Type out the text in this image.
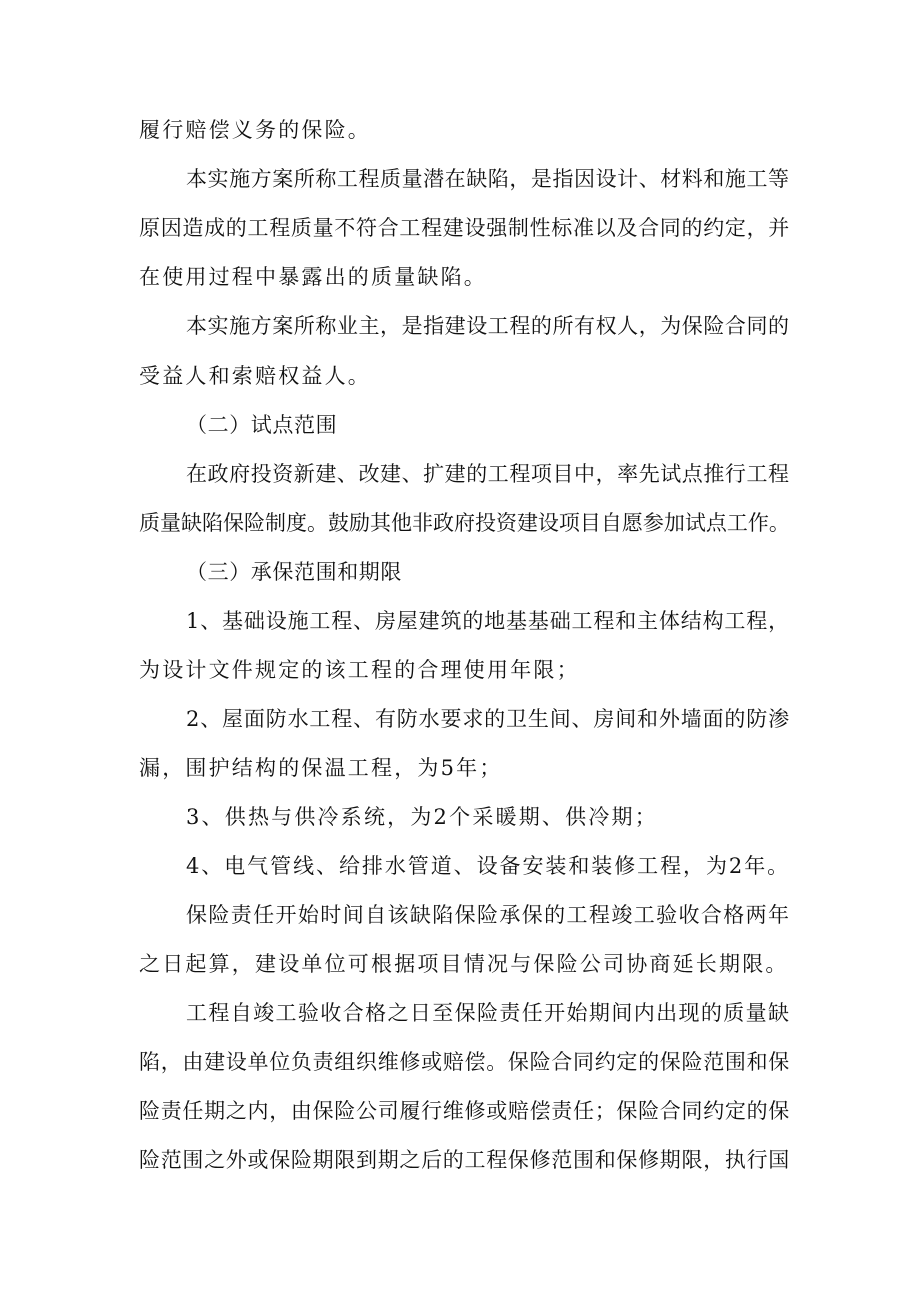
履行赔偿义务的保险。
本实施方案所称工程质量潜在缺陷，是指因设计、材料和施工等
原因造成的工程质量不符合工程建设强制性标准以及合同的约定，并
在使用过程中暴露出的质量缺陷。
本实施方案所称业主，是指建设工程的所有权人，为保险合同的
受益人和索赔权益人。
（二）试点范围
在政府投资新建、改建、扩建的工程项目中，率先试点推行工程
质量缺陷保险制度。鼓励其他非政府投资建设项目自愿参加试点工作。
（三）承保范围和期限
1、基础设施工程、房屋建筑的地基基础工程和主体结构工程，
为设计文件规定的该工程的合理使用年限；
2、屋面防水工程、有防水要求的卫生间、房间和外墙面的防渗
漏，围护结构的保温工程，为5年；
3、供热与供冷系统，为2个采暖期、供冷期；
4、电气管线、给排水管道、设备安装和装修工程，为2年。
保险责任开始时间自该缺陷保险承保的工程竣工验收合格两年
之日起算，建设单位可根据项目情况与保险公司协商延长期限。
工程自竣工验收合格之日至保险责任开始期间内出现的质量缺
陷，由建设单位负责组织维修或赔偿。保险合同约定的保险范围和保
险责任期之内，由保险公司履行维修或赔偿责任；保险合同约定的保
险范围之外或保险期限到期之后的工程保修范围和保修期限，执行国
